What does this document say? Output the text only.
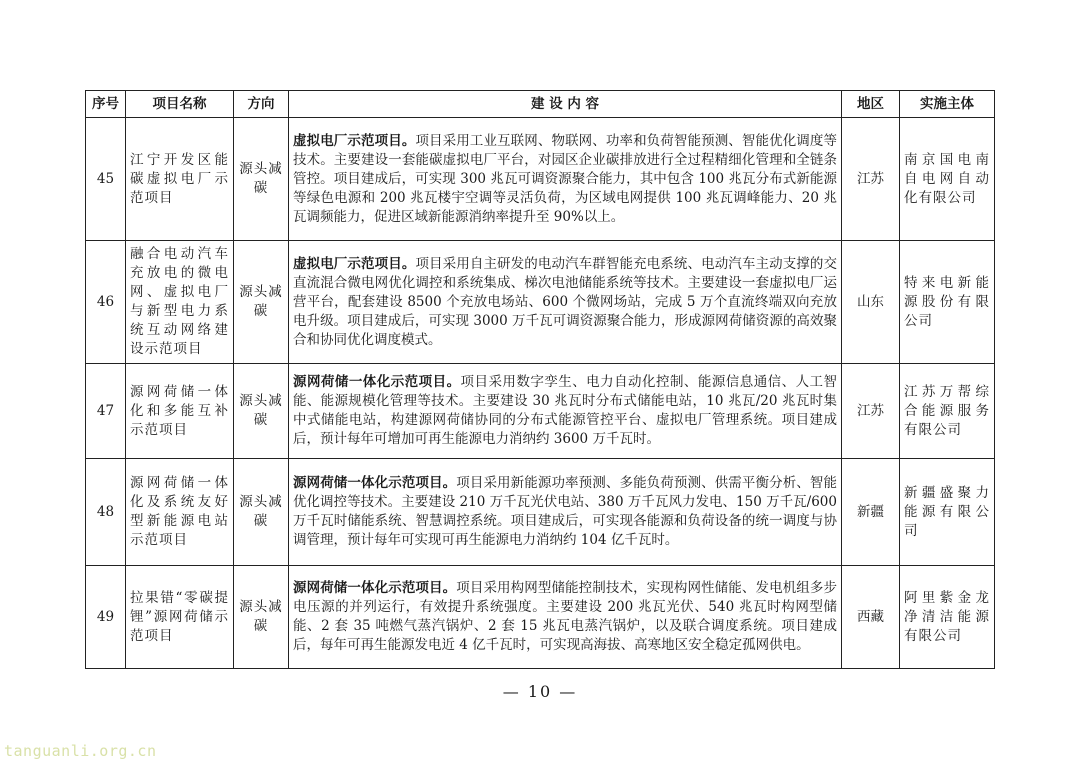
序号	项目名称	方向	建 设 内 容	地区	实施主体
45	江宁开发区能碳虚拟电厂示范项目	源头减碳	虚拟电厂示范项目。项目采用工业互联网、物联网、功率和负荷智能预测、智能优化调度等技术。主要建设一套能碳虚拟电厂平台，对园区企业碳排放进行全过程精细化管理和全链条管控。项目建成后，可实现 300 兆瓦可调资源聚合能力，其中包含 100 兆瓦分布式新能源等绿色电源和 200 兆瓦楼宇空调等灵活负荷，为区域电网提供 100 兆瓦调峰能力、20 兆瓦调频能力，促进区域新能源消纳率提升至 90%以上。	江苏	南京国电南自电网自动化有限公司
46	融合电动汽车充放电的微电网、虚拟电厂与新型电力系统互动网络建设示范项目	源头减碳	虚拟电厂示范项目。项目采用自主研发的电动汽车群智能充电系统、电动汽车主动支撑的交直流混合微电网优化调控和系统集成、梯次电池储能系统等技术。主要建设一套虚拟电厂运营平台，配套建设 8500 个充放电场站、600 个微网场站，完成 5 万个直流终端双向充放电升级。项目建成后，可实现 3000 万千瓦可调资源聚合能力，形成源网荷储资源的高效聚合和协同优化调度模式。	山东	特来电新能源股份有限公司
47	源网荷储一体化和多能互补示范项目	源头减碳	源网荷储一体化示范项目。项目采用数字孪生、电力自动化控制、能源信息通信、人工智能、能源规模化管理等技术。主要建设 30 兆瓦时分布式储能电站，10 兆瓦/20 兆瓦时集中式储能电站，构建源网荷储协同的分布式能源管控平台、虚拟电厂管理系统。项目建成后，预计每年可增加可再生能源电力消纳约 3600 万千瓦时。	江苏	江苏万帮综合能源服务有限公司
48	源网荷储一体化及系统友好型新能源电站示范项目	源头减碳	源网荷储一体化示范项目。项目采用新能源功率预测、多能负荷预测、供需平衡分析、智能优化调控等技术。主要建设 210 万千瓦光伏电站、380 万千瓦风力发电、150 万千瓦/600 万千瓦时储能系统、智慧调控系统。项目建成后，可实现各能源和负荷设备的统一调度与协调管理，预计每年可实现可再生能源电力消纳约 104 亿千瓦时。	新疆	新疆盛聚力能源有限公司
49	拉果错“零碳提锂”源网荷储示范项目	源头减碳	源网荷储一体化示范项目。项目采用构网型储能控制技术，实现构网性储能、发电机组多步电压源的并列运行，有效提升系统强度。主要建设 200 兆瓦光伏、540 兆瓦时构网型储能、2 套 35 吨燃气蒸汽锅炉、2 套 15 兆瓦电蒸汽锅炉，以及联合调度系统。项目建成后，每年可再生能源发电近 4 亿千瓦时，可实现高海拔、高寒地区安全稳定孤网供电。	西藏	阿里紫金龙净清洁能源有限公司
— 10 —
tanguanli.org.cn
